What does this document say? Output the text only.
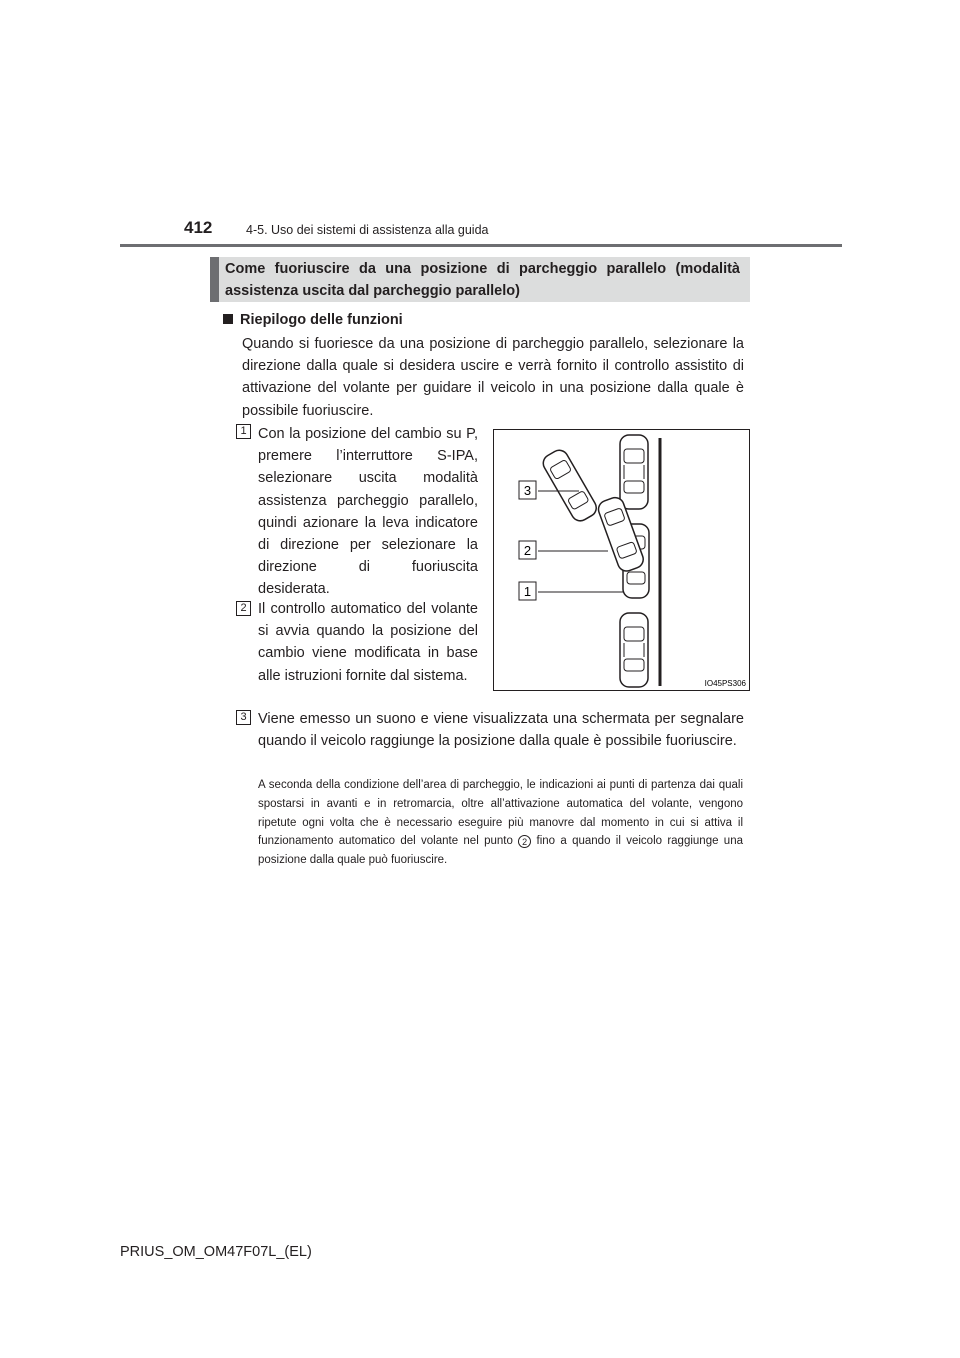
412	4-5. Uso dei sistemi di assistenza alla guida
Come fuoriuscire da una posizione di parcheggio parallelo (modalità
assistenza uscita dal parcheggio parallelo)
Riepilogo delle funzioni
Quando si fuoriesce da una posizione di parcheggio parallelo, selezionare la direzione dalla quale si desidera uscire e verrà fornito il controllo assistito di attivazione del volante per guidare il veicolo in una posizione dalla quale è possibile fuoriuscire.
1 Con la posizione del cambio su P, premere l’interruttore S-IPA, selezionare uscita modalità assistenza parcheggio parallelo, quindi azionare la leva indicatore di direzione per selezionare la direzione di fuoriuscita desiderata.
2 Il controllo automatico del volante si avvia quando la posizione del cambio viene modificata in base alle istruzioni fornite dal sistema.
3 Viene emesso un suono e viene visualizzata una schermata per segnalare quando il veicolo raggiunge la posizione dalla quale è possibile fuoriuscire.
A seconda della condizione dell’area di parcheggio, le indicazioni ai punti di partenza dai quali spostarsi in avanti e in retromarcia, oltre all’attivazione automatica del volante, vengono ripetute ogni volta che è necessario eseguire più manovre dal momento in cui si attiva il funzionamento automatico del volante nel punto 2 fino a quando il veicolo raggiunge una posizione dalla quale può fuoriuscire.
3
2
1
IO45PS306
PRIUS_OM_OM47F07L_(EL)
